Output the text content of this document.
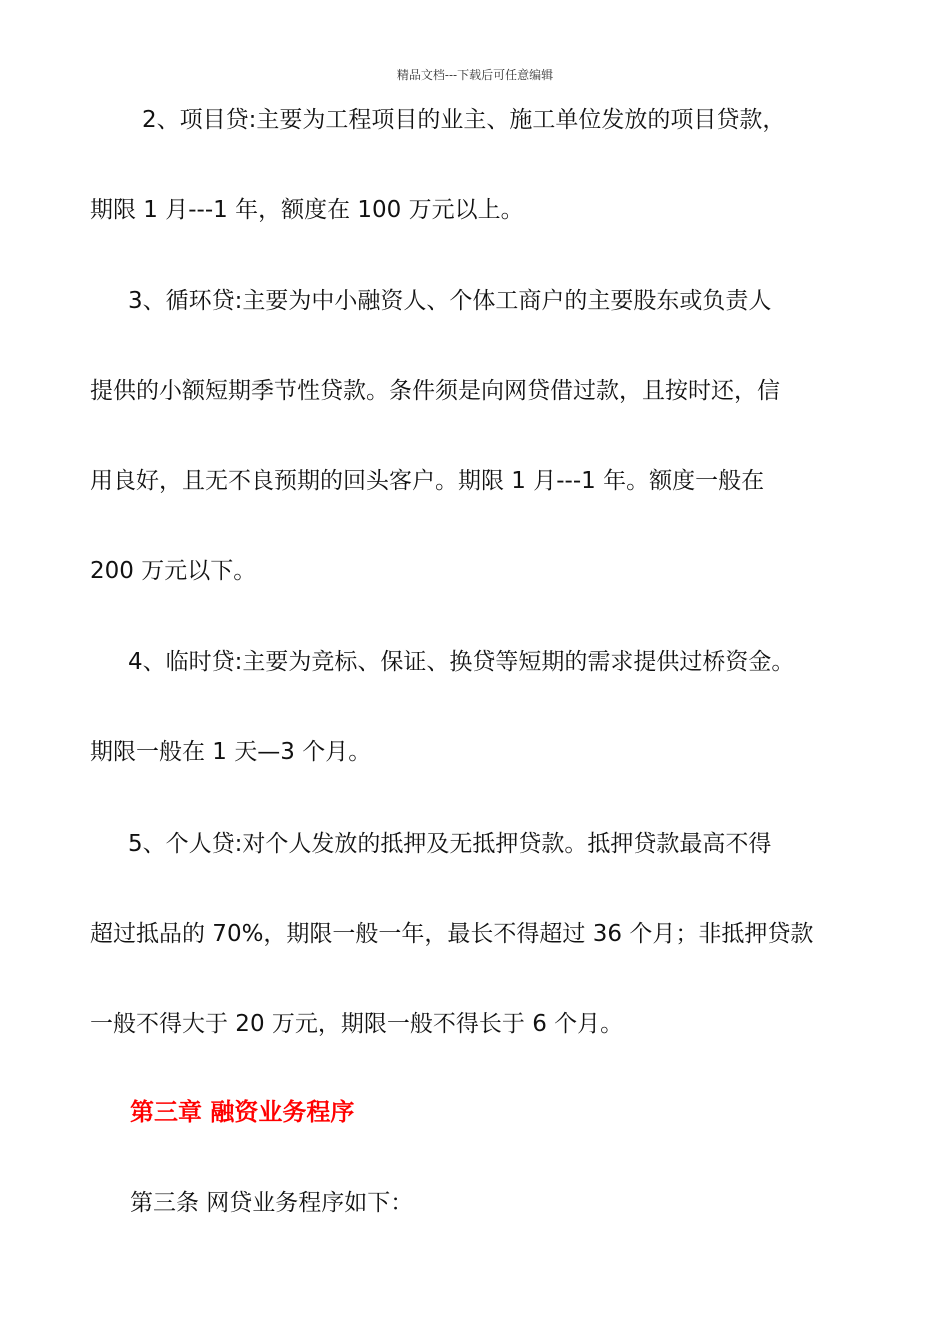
精品文档---下载后可任意编辑
2、项目贷:主要为工程项目的业主、施工单位发放的项目贷款，
期限 1 月---1 年，额度在 100 万元以上。
3、循环贷:主要为中小融资人、个体工商户的主要股东或负责人
提供的小额短期季节性贷款。条件须是向网贷借过款，且按时还，信
用良好，且无不良预期的回头客户。期限 1 月---1 年。额度一般在
200 万元以下。
4、临时贷:主要为竞标、保证、换贷等短期的需求提供过桥资金。
期限一般在 1 天—3 个月。
5、个人贷:对个人发放的抵押及无抵押贷款。抵押贷款最高不得
超过抵品的 70%，期限一般一年，最长不得超过 36 个月；非抵押贷款
一般不得大于 20 万元，期限一般不得长于 6 个月。
第三章 融资业务程序
第三条 网贷业务程序如下：
